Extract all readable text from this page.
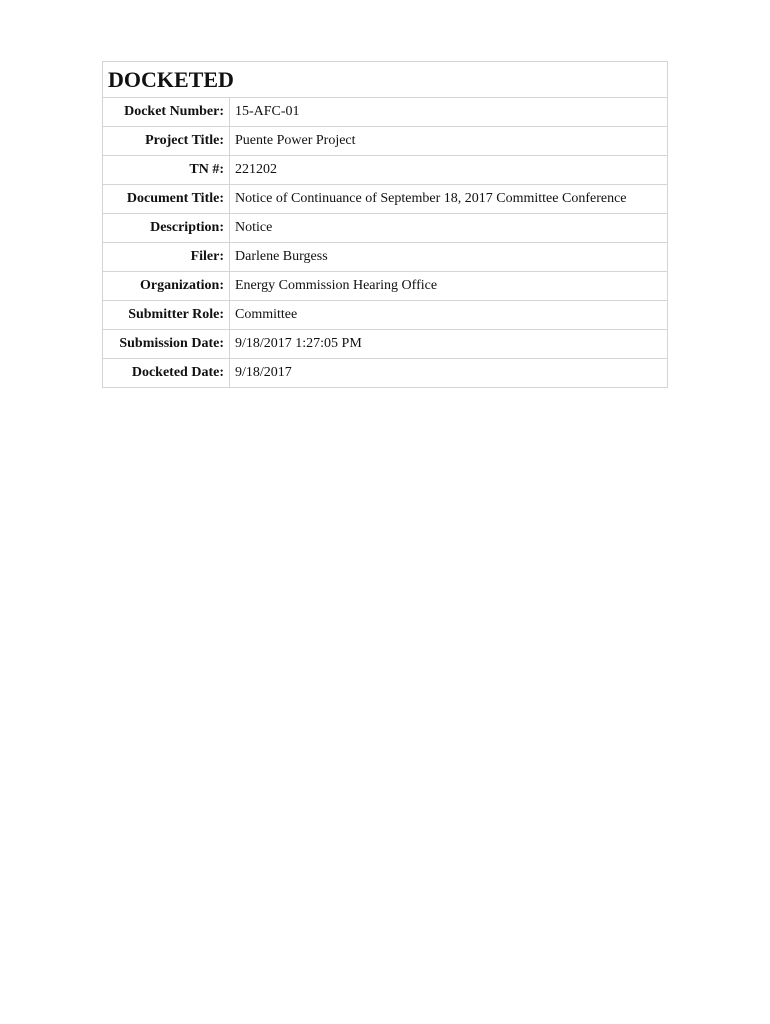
DOCKETED	
Docket Number:	15-AFC-01
Project Title:	Puente Power Project
TN #:	221202
Document Title:	Notice of Continuance of September 18, 2017 Committee Conference
Description:	Notice
Filer:	Darlene Burgess
Organization:	Energy Commission Hearing Office
Submitter Role:	Committee
Submission Date:	9/18/2017 1:27:05 PM
Docketed Date:	9/18/2017
